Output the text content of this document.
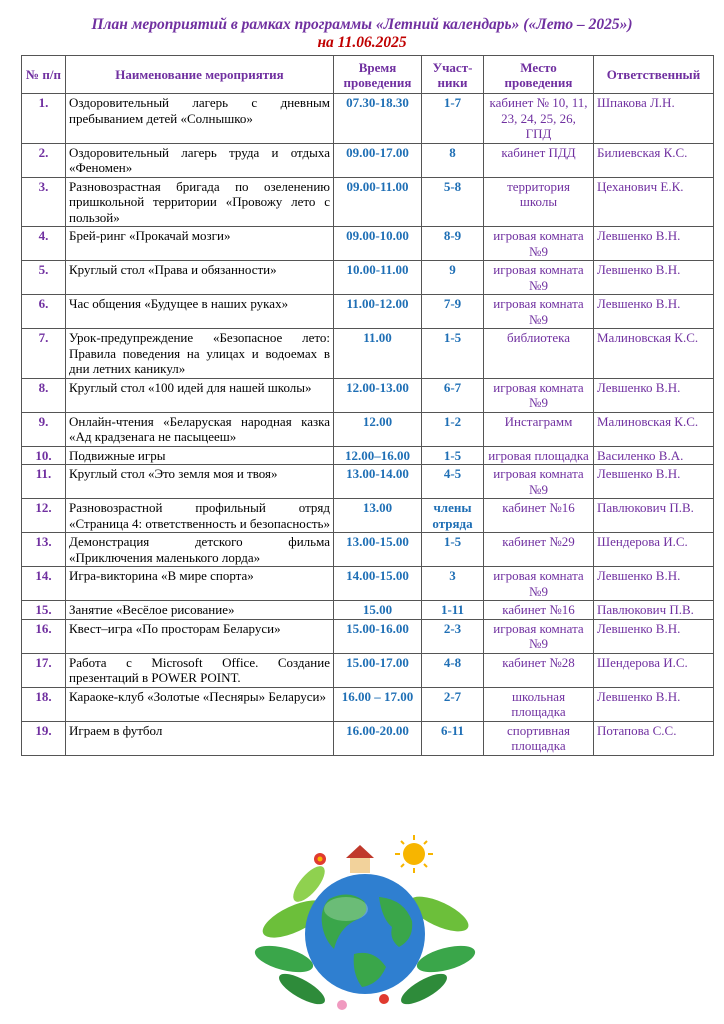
План мероприятий в рамках программы «Летний календарь» («Лето – 2025»)
на 11.06.2025
№ п/п	Наименование мероприятия	Время проведения	Участ-ники	Место проведения	Ответственный
1.	Оздоровительный лагерь с дневным пребыванием детей «Солнышко»	07.30-18.30	1-7	кабинет № 10, 11, 23, 24, 25, 26, ГПД	Шпакова Л.Н.
2.	Оздоровительный лагерь труда и отдыха «Феномен»	09.00-17.00	8	кабинет ПДД	Билиевская К.С.
3.	Разновозрастная бригада по озеленению пришкольной территории «Провожу лето с пользой»	09.00-11.00	5-8	территория школы	Цеханович Е.К.
4.	Брей-ринг «Прокачай мозги»	09.00-10.00	8-9	игровая комната №9	Левшенко В.Н.
5.	Круглый стол «Права и обязанности»	10.00-11.00	9	игровая комната №9	Левшенко В.Н.
6.	Час общения «Будущее в наших руках»	11.00-12.00	7-9	игровая комната №9	Левшенко В.Н.
7.	Урок-предупреждение «Безопасное лето: Правила поведения на улицах и водоемах в дни летних каникул»	11.00	1-5	библиотека	Малиновская К.С.
8.	Круглый стол «100 идей для нашей школы»	12.00-13.00	6-7	игровая комната №9	Левшенко В.Н.
9.	Онлайн-чтения «Беларуская народная казка «Ад крадзенага не пасыцееш»	12.00	1-2	Инстаграмм	Малиновская К.С.
10.	Подвижные игры	12.00–16.00	1-5	игровая площадка	Василенко В.А.
11.	Круглый стол «Это земля моя и твоя»	13.00-14.00	4-5	игровая комната №9	Левшенко В.Н.
12.	Разновозрастной профильный отряд «Страница 4: ответственность и безопасность»	13.00	члены отряда	кабинет №16	Павлюкович П.В.
13.	Демонстрация детского фильма «Приключения маленького лорда»	13.00-15.00	1-5	кабинет №29	Шендерова И.С.
14.	Игра-викторина «В мире спорта»	14.00-15.00	3	игровая комната №9	Левшенко В.Н.
15.	Занятие «Весёлое рисование»	15.00	1-11	кабинет №16	Павлюкович П.В.
16.	Квест–игра «По просторам Беларуси»	15.00-16.00	2-3	игровая комната №9	Левшенко В.Н.
17.	Работа с Microsoft Office. Создание презентаций в POWER POINT.	15.00-17.00	4-8	кабинет №28	Шендерова И.С.
18.	Караоке-клуб «Золотые «Песняры» Беларуси»	16.00 – 17.00	2-7	школьная площадка	Левшенко В.Н.
19.	Играем в футбол	16.00-20.00	6-11	спортивная площадка	Потапова С.С.
